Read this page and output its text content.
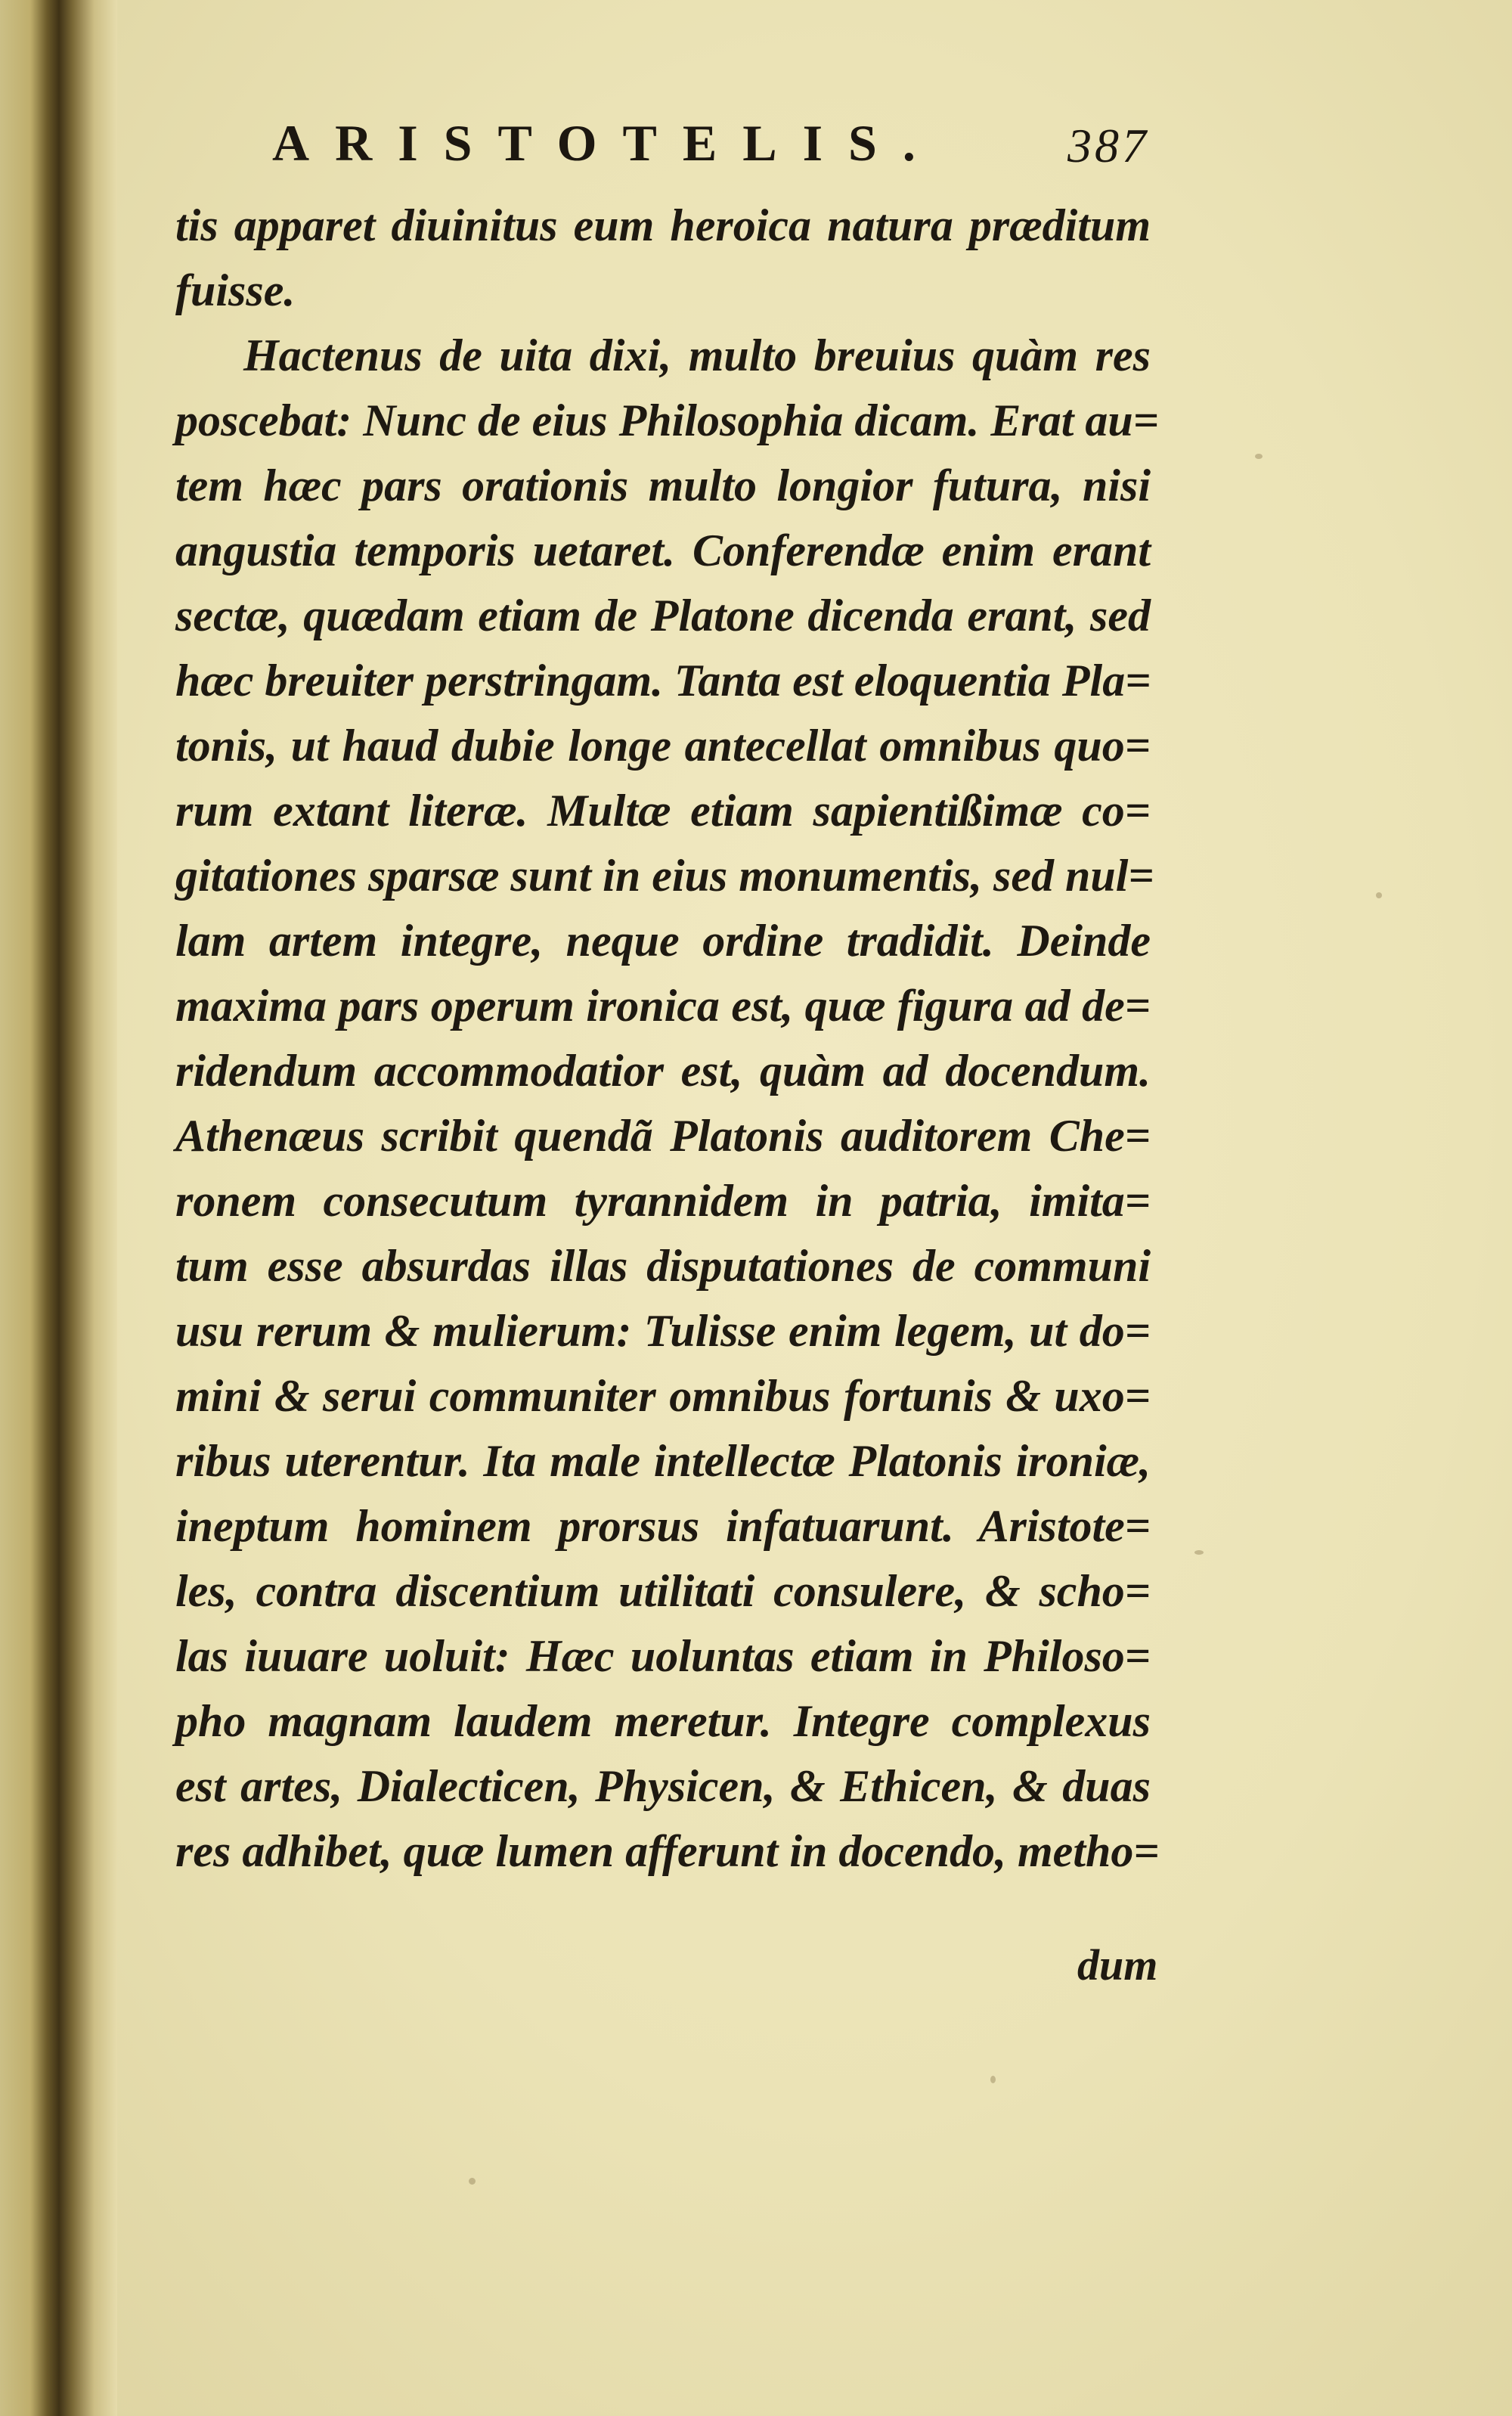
ARISTOTELIS.	387
tis apparet diuinitus eum heroica natura præditum
fuisse.
Hactenus de uita dixi, multo breuius quàm res
poscebat: Nunc de eius Philosophia dicam. Erat au=
tem hæc pars orationis multo longior futura, nisi
angustia temporis uetaret. Conferendæ enim erant
sectæ, quædam etiam de Platone dicenda erant, sed
hæc breuiter perstringam. Tanta est eloquentia Pla=
tonis, ut haud dubie longe antecellat omnibus quo=
rum extant literæ. Multæ etiam sapientißimæ co=
gitationes sparsæ sunt in eius monumentis, sed nul=
lam artem integre, neque ordine tradidit. Deinde
maxima pars operum ironica est, quæ figura ad de=
ridendum accommodatior est, quàm ad docendum.
Athenæus scribit quendã Platonis auditorem Che=
ronem consecutum tyrannidem in patria, imita=
tum esse absurdas illas disputationes de communi
usu rerum & mulierum: Tulisse enim legem, ut do=
mini & serui communiter omnibus fortunis & uxo=
ribus uterentur. Ita male intellectæ Platonis ironiæ,
ineptum hominem prorsus infatuarunt. Aristote=
les, contra discentium utilitati consulere, & scho=
las iuuare uoluit: Hæc uoluntas etiam in Philoso=
pho magnam laudem meretur. Integre complexus
est artes, Dialecticen, Physicen, & Ethicen, & duas
res adhibet, quæ lumen afferunt in docendo, metho=
dum
